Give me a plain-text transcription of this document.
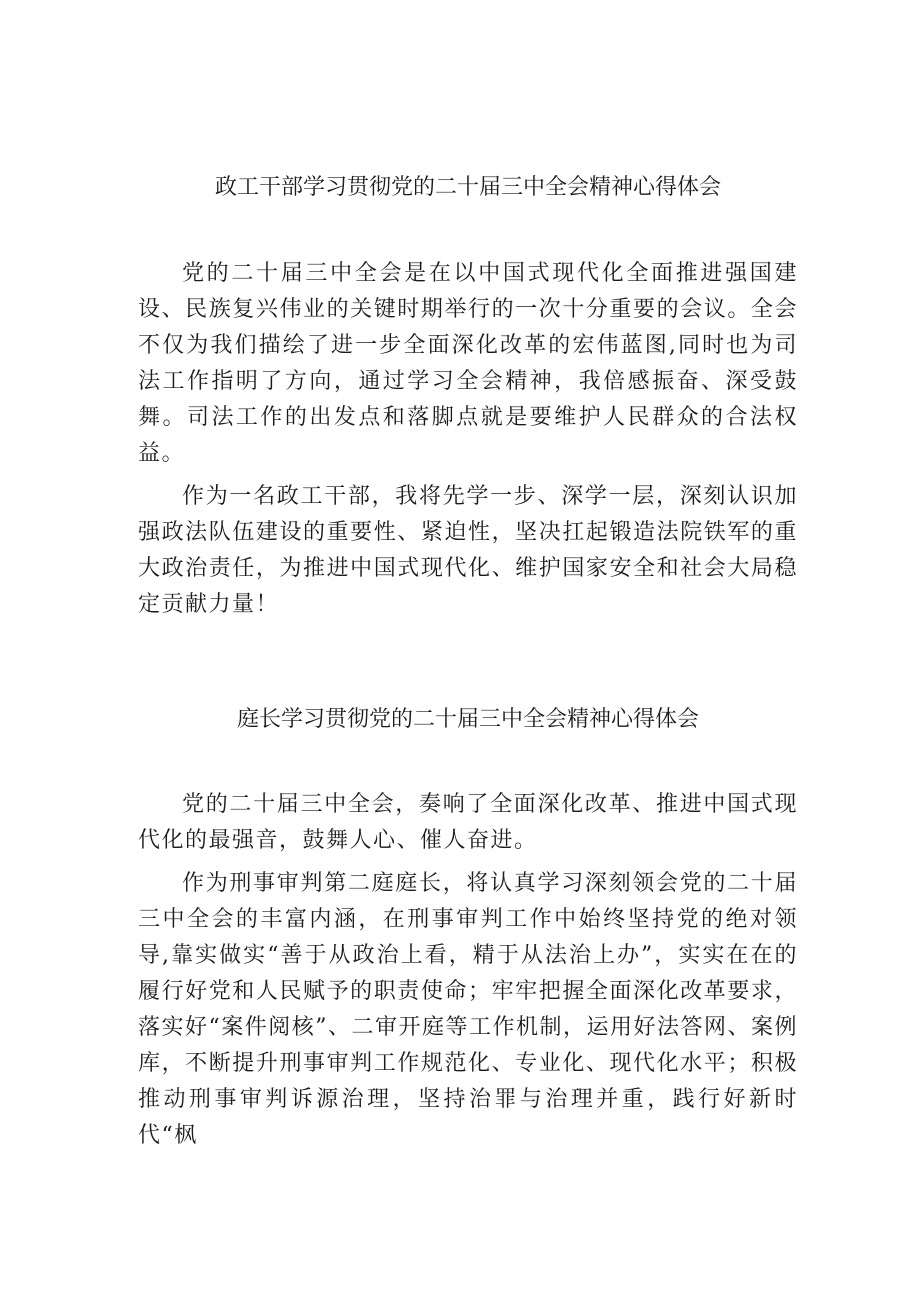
政工干部学习贯彻党的二十届三中全会精神心得体会

党的二十届三中全会是在以中国式现代化全面推进强国建设、民族复兴伟业的关键时期举行的一次十分重要的会议。全会不仅为我们描绘了进一步全面深化改革的宏伟蓝图,同时也为司法工作指明了方向，通过学习全会精神，我倍感振奋、深受鼓舞。司法工作的出发点和落脚点就是要维护人民群众的合法权益。

作为一名政工干部，我将先学一步、深学一层，深刻认识加强政法队伍建设的重要性、紧迫性，坚决扛起锻造法院铁军的重大政治责任，为推进中国式现代化、维护国家安全和社会大局稳定贡献力量！

庭长学习贯彻党的二十届三中全会精神心得体会

党的二十届三中全会，奏响了全面深化改革、推进中国式现代化的最强音，鼓舞人心、催人奋进。

作为刑事审判第二庭庭长，将认真学习深刻领会党的二十届三中全会的丰富内涵，在刑事审判工作中始终坚持党的绝对领导,靠实做实“善于从政治上看，精于从法治上办”，实实在在的履行好党和人民赋予的职责使命；牢牢把握全面深化改革要求，落实好“案件阅核”、二审开庭等工作机制，运用好法答网、案例库，不断提升刑事审判工作规范化、专业化、现代化水平；积极推动刑事审判诉源治理，坚持治罪与治理并重，践行好新时代“枫
